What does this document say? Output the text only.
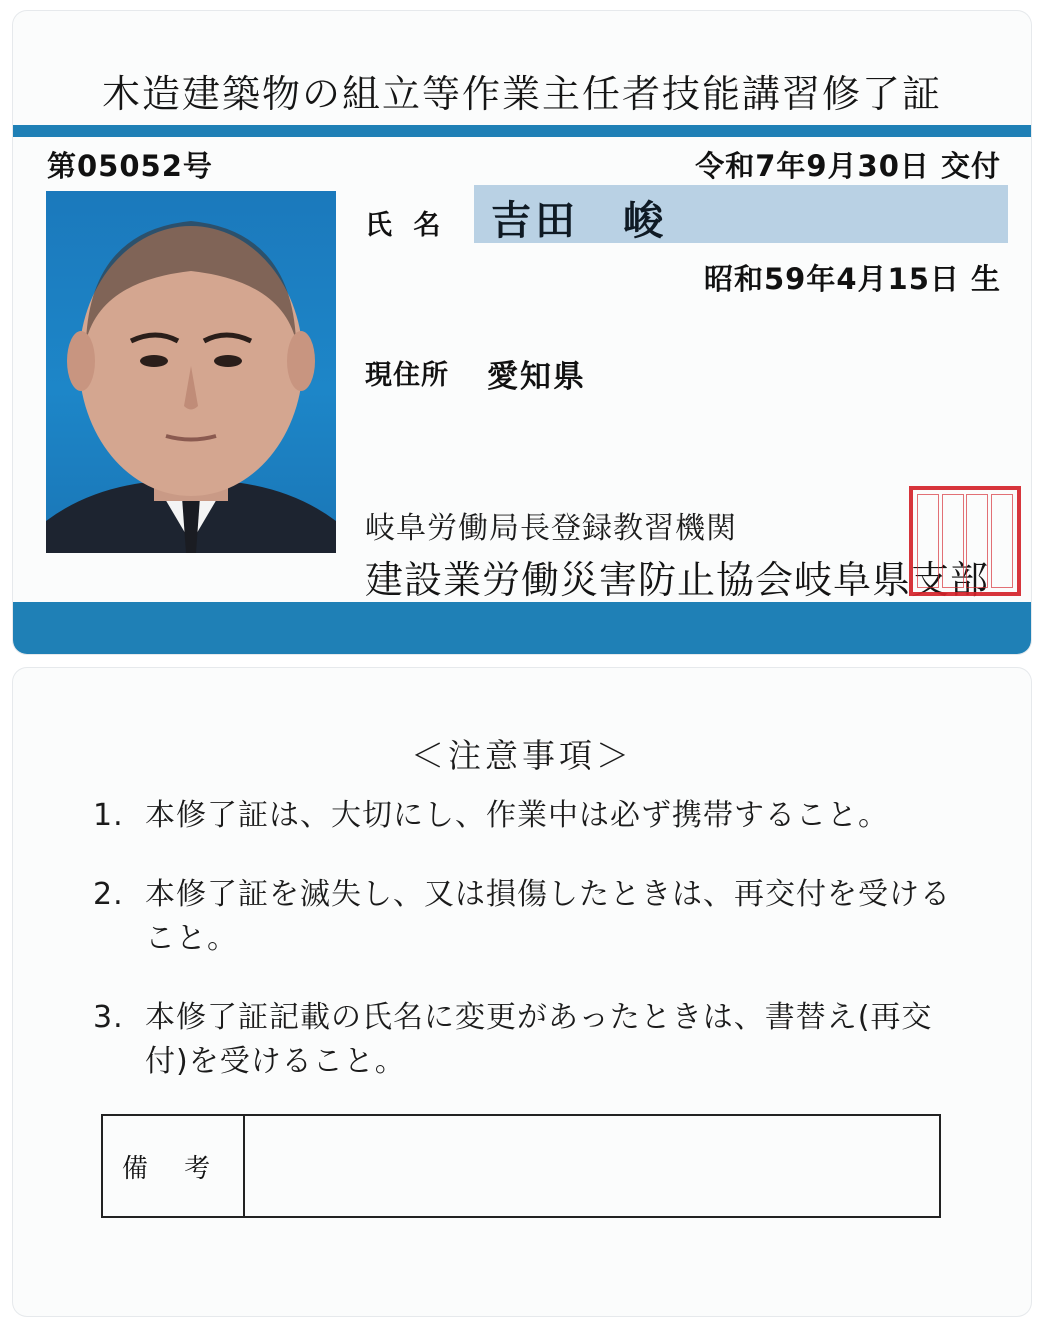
木造建築物の組立等作業主任者技能講習修了証
第05052号	令和7年9月30日 交付
氏 名 吉田　峻
昭和59年4月15日 生
現住所 愛知県
岐阜労働局長登録教習機関
建設業労働災害防止協会岐阜県支部
＜注意事項＞
1. 本修了証は、大切にし、作業中は必ず携帯すること。
2. 本修了証を滅失し、又は損傷したときは、再交付を受けること。
3. 本修了証記載の氏名に変更があったときは、書替え(再交付)を受けること。
備 考
